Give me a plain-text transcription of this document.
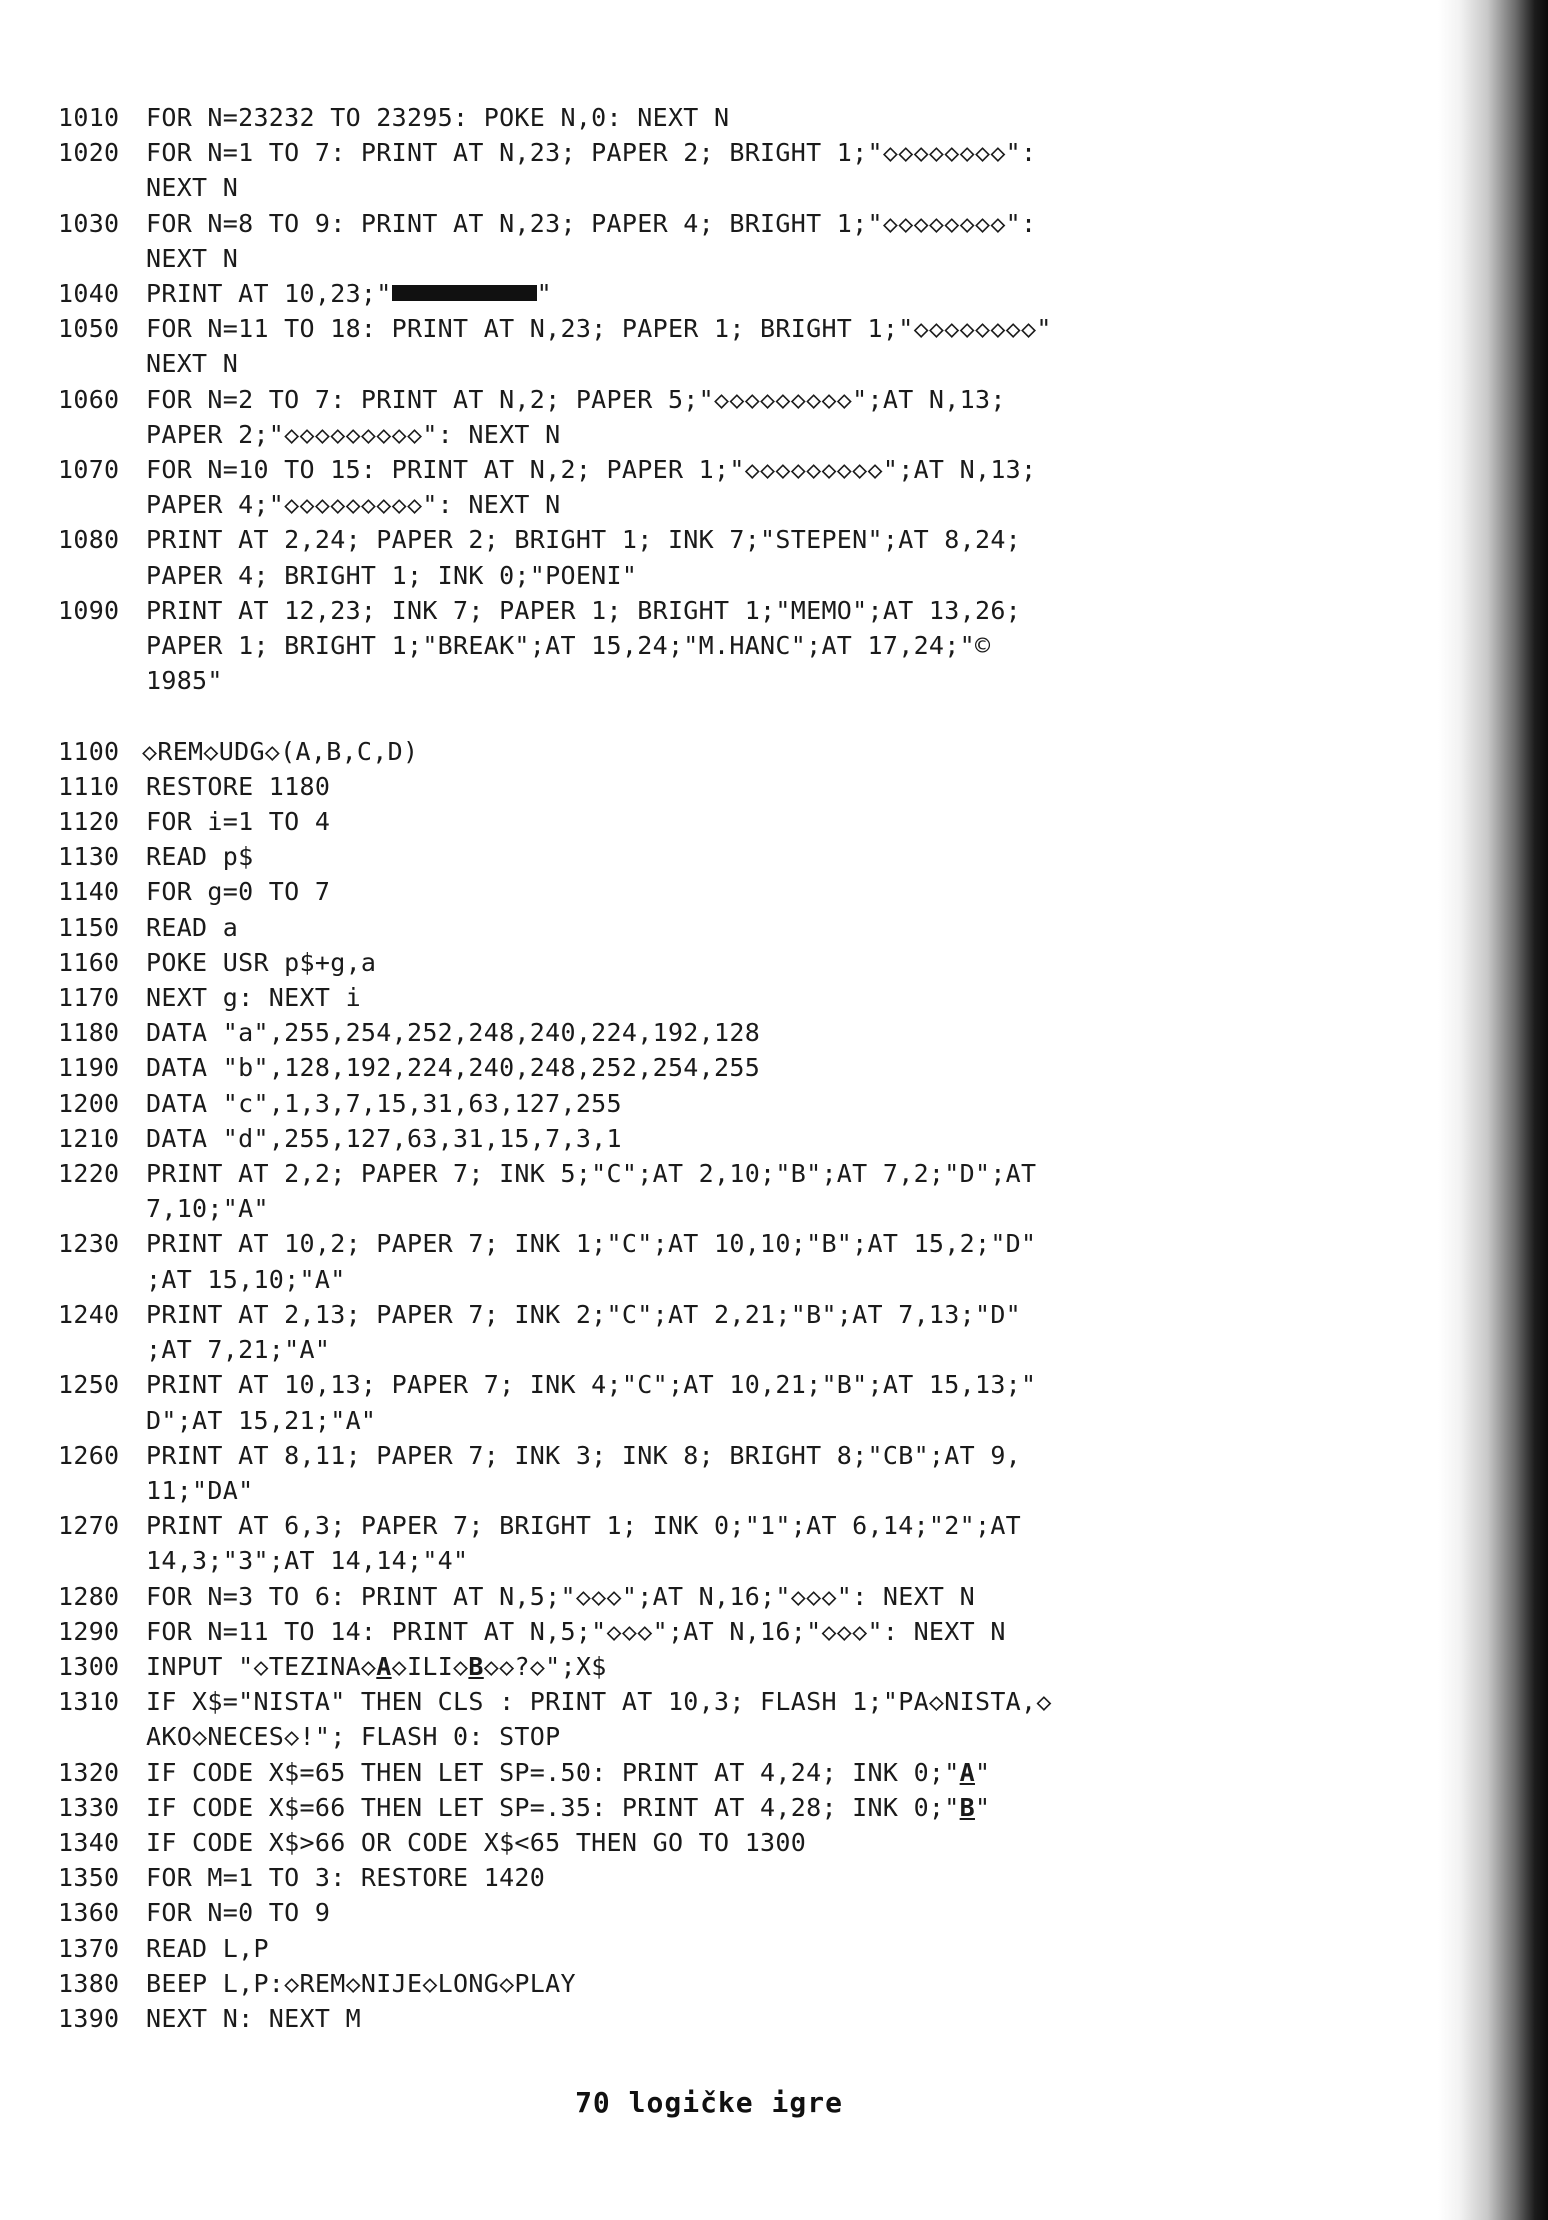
1010	FOR N=23232 TO 23295: POKE N,0: NEXT N
1020	FOR N=1 TO 7: PRINT AT N,23; PAPER 2; BRIGHT 1;"◇◇◇◇◇◇◇◇":
NEXT N
1030	FOR N=8 TO 9: PRINT AT N,23; PAPER 4; BRIGHT 1;"◇◇◇◇◇◇◇◇":
NEXT N
1040	PRINT AT 10,23;"	"
1050	FOR N=11 TO 18: PRINT AT N,23; PAPER 1; BRIGHT 1;"◇◇◇◇◇◇◇◇"
NEXT N
1060	FOR N=2 TO 7: PRINT AT N,2; PAPER 5;"◇◇◇◇◇◇◇◇◇";AT N,13;
PAPER 2;"◇◇◇◇◇◇◇◇◇": NEXT N
1070	FOR N=10 TO 15: PRINT AT N,2; PAPER 1;"◇◇◇◇◇◇◇◇◇";AT N,13;
PAPER 4;"◇◇◇◇◇◇◇◇◇": NEXT N
1080	PRINT AT 2,24; PAPER 2; BRIGHT 1; INK 7;"STEPEN";AT 8,24;
PAPER 4; BRIGHT 1; INK 0;"POENI"
1090	PRINT AT 12,23; INK 7; PAPER 1; BRIGHT 1;"MEMO";AT 13,26;
PAPER 1; BRIGHT 1;"BREAK";AT 15,24;"M.HANC";AT 17,24;"©
1985"
1100 ◇REM◇UDG◇(A,B,C,D)
1110	RESTORE 1180
1120	FOR i=1 TO 4
1130	READ p$
1140	FOR g=0 TO 7
1150	READ a
1160	POKE USR p$+g,a
1170	NEXT g: NEXT i
1180	DATA "a",255,254,252,248,240,224,192,128
1190	DATA "b",128,192,224,240,248,252,254,255
1200	DATA "c",1,3,7,15,31,63,127,255
1210	DATA "d",255,127,63,31,15,7,3,1
1220	PRINT AT 2,2; PAPER 7; INK 5;"C";AT 2,10;"B";AT 7,2;"D";AT
7,10;"A"
1230	PRINT AT 10,2; PAPER 7; INK 1;"C";AT 10,10;"B";AT 15,2;"D"
;AT 15,10;"A"
1240	PRINT AT 2,13; PAPER 7; INK 2;"C";AT 2,21;"B";AT 7,13;"D"
;AT 7,21;"A"
1250	PRINT AT 10,13; PAPER 7; INK 4;"C";AT 10,21;"B";AT 15,13;"
D";AT 15,21;"A"
1260	PRINT AT 8,11; PAPER 7; INK 3; INK 8; BRIGHT 8;"CB";AT 9,
11;"DA"
1270	PRINT AT 6,3; PAPER 7; BRIGHT 1; INK 0;"1";AT 6,14;"2";AT
14,3;"3";AT 14,14;"4"
1280	FOR N=3 TO 6: PRINT AT N,5;"◇◇◇";AT N,16;"◇◇◇": NEXT N
1290	FOR N=11 TO 14: PRINT AT N,5;"◇◇◇";AT N,16;"◇◇◇": NEXT N
1300	INPUT "◇TEZINA◇A◇ILI◇B◇◇?◇";X$
1310	IF X$="NISTA" THEN CLS : PRINT AT 10,3; FLASH 1;"PA◇NISTA,◇
AKO◇NECES◇!"; FLASH 0: STOP
1320	IF CODE X$=65 THEN LET SP=.50: PRINT AT 4,24; INK 0;"A"
1330	IF CODE X$=66 THEN LET SP=.35: PRINT AT 4,28; INK 0;"B"
1340	IF CODE X$>66 OR CODE X$<65 THEN GO TO 1300
1350	FOR M=1 TO 3: RESTORE 1420
1360	FOR N=0 TO 9
1370	READ L,P
1380	BEEP L,P:◇REM◇NIJE◇LONG◇PLAY
1390	NEXT N: NEXT M
70 logičke igre
